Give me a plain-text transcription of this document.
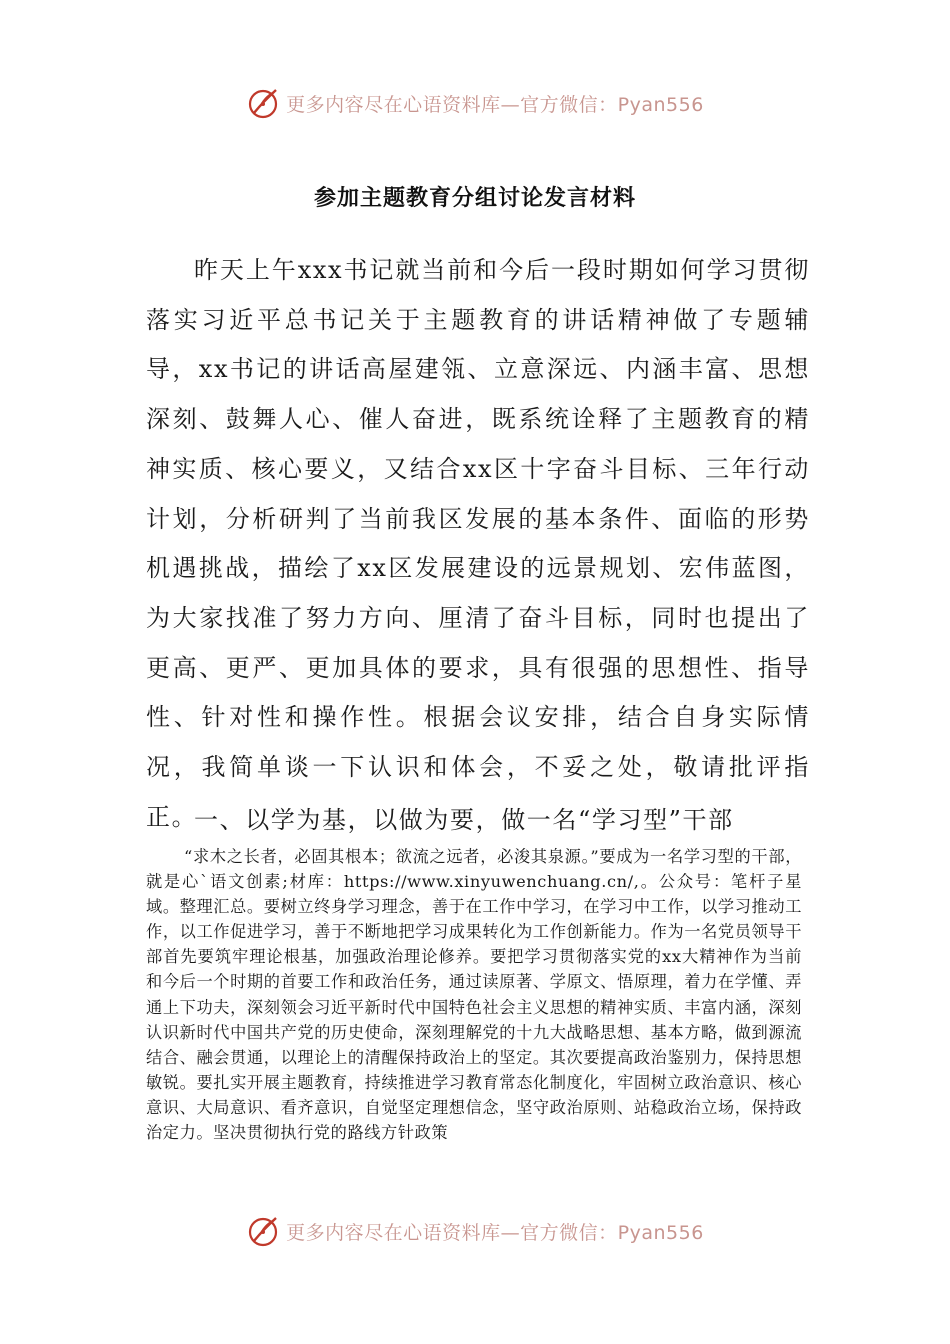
更多内容尽在心语资料库—官方微信：Pyan556
参加主题教育分组讨论发言材料

昨天上午xxx书记就当前和今后一段时期如何学习贯彻落实习近平总书记关于主题教育的讲话精神做了专题辅导，xx书记的讲话高屋建瓴、立意深远、内涵丰富、思想深刻、鼓舞人心、催人奋进，既系统诠释了主题教育的精神实质、核心要义，又结合xx区十字奋斗目标、三年行动计划，分析研判了当前我区发展的基本条件、面临的形势机遇挑战，描绘了xx区发展建设的远景规划、宏伟蓝图，为大家找准了努力方向、厘清了奋斗目标，同时也提出了更高、更严、更加具体的要求，具有很强的思想性、指导性、针对性和操作性。根据会议安排，结合自身实际情况，我简单谈一下认识和体会，不妥之处，敬请批评指正。

一、以学为基，以做为要，做一名“学习型”干部

“求木之长者，必固其根本；欲流之远者，必浚其泉源。”要成为一名学习型的干部，就是心`语文创素;材库：https://www.xinyuwenchuang.cn/,。公众号：笔杆子星域。整理汇总。要树立终身学习理念，善于在工作中学习，在学习中工作，以学习推动工作，以工作促进学习，善于不断地把学习成果转化为工作创新能力。作为一名党员领导干部首先要筑牢理论根基，加强政治理论修养。要把学习贯彻落实党的xx大精神作为当前和今后一个时期的首要工作和政治任务，通过读原著、学原文、悟原理，着力在学懂、弄通上下功夫，深刻领会习近平新时代中国特色社会主义思想的精神实质、丰富内涵，深刻认识新时代中国共产党的历史使命，深刻理解党的十九大战略思想、基本方略，做到源流结合、融会贯通，以理论上的清醒保持政治上的坚定。其次要提高政治鉴别力，保持思想敏锐。要扎实开展主题教育，持续推进学习教育常态化制度化，牢固树立政治意识、核心意识、大局意识、看齐意识，自觉坚定理想信念，坚守政治原则、站稳政治立场，保持政治定力。坚决贯彻执行党的路线方针政策

更多内容尽在心语资料库—官方微信：Pyan556
